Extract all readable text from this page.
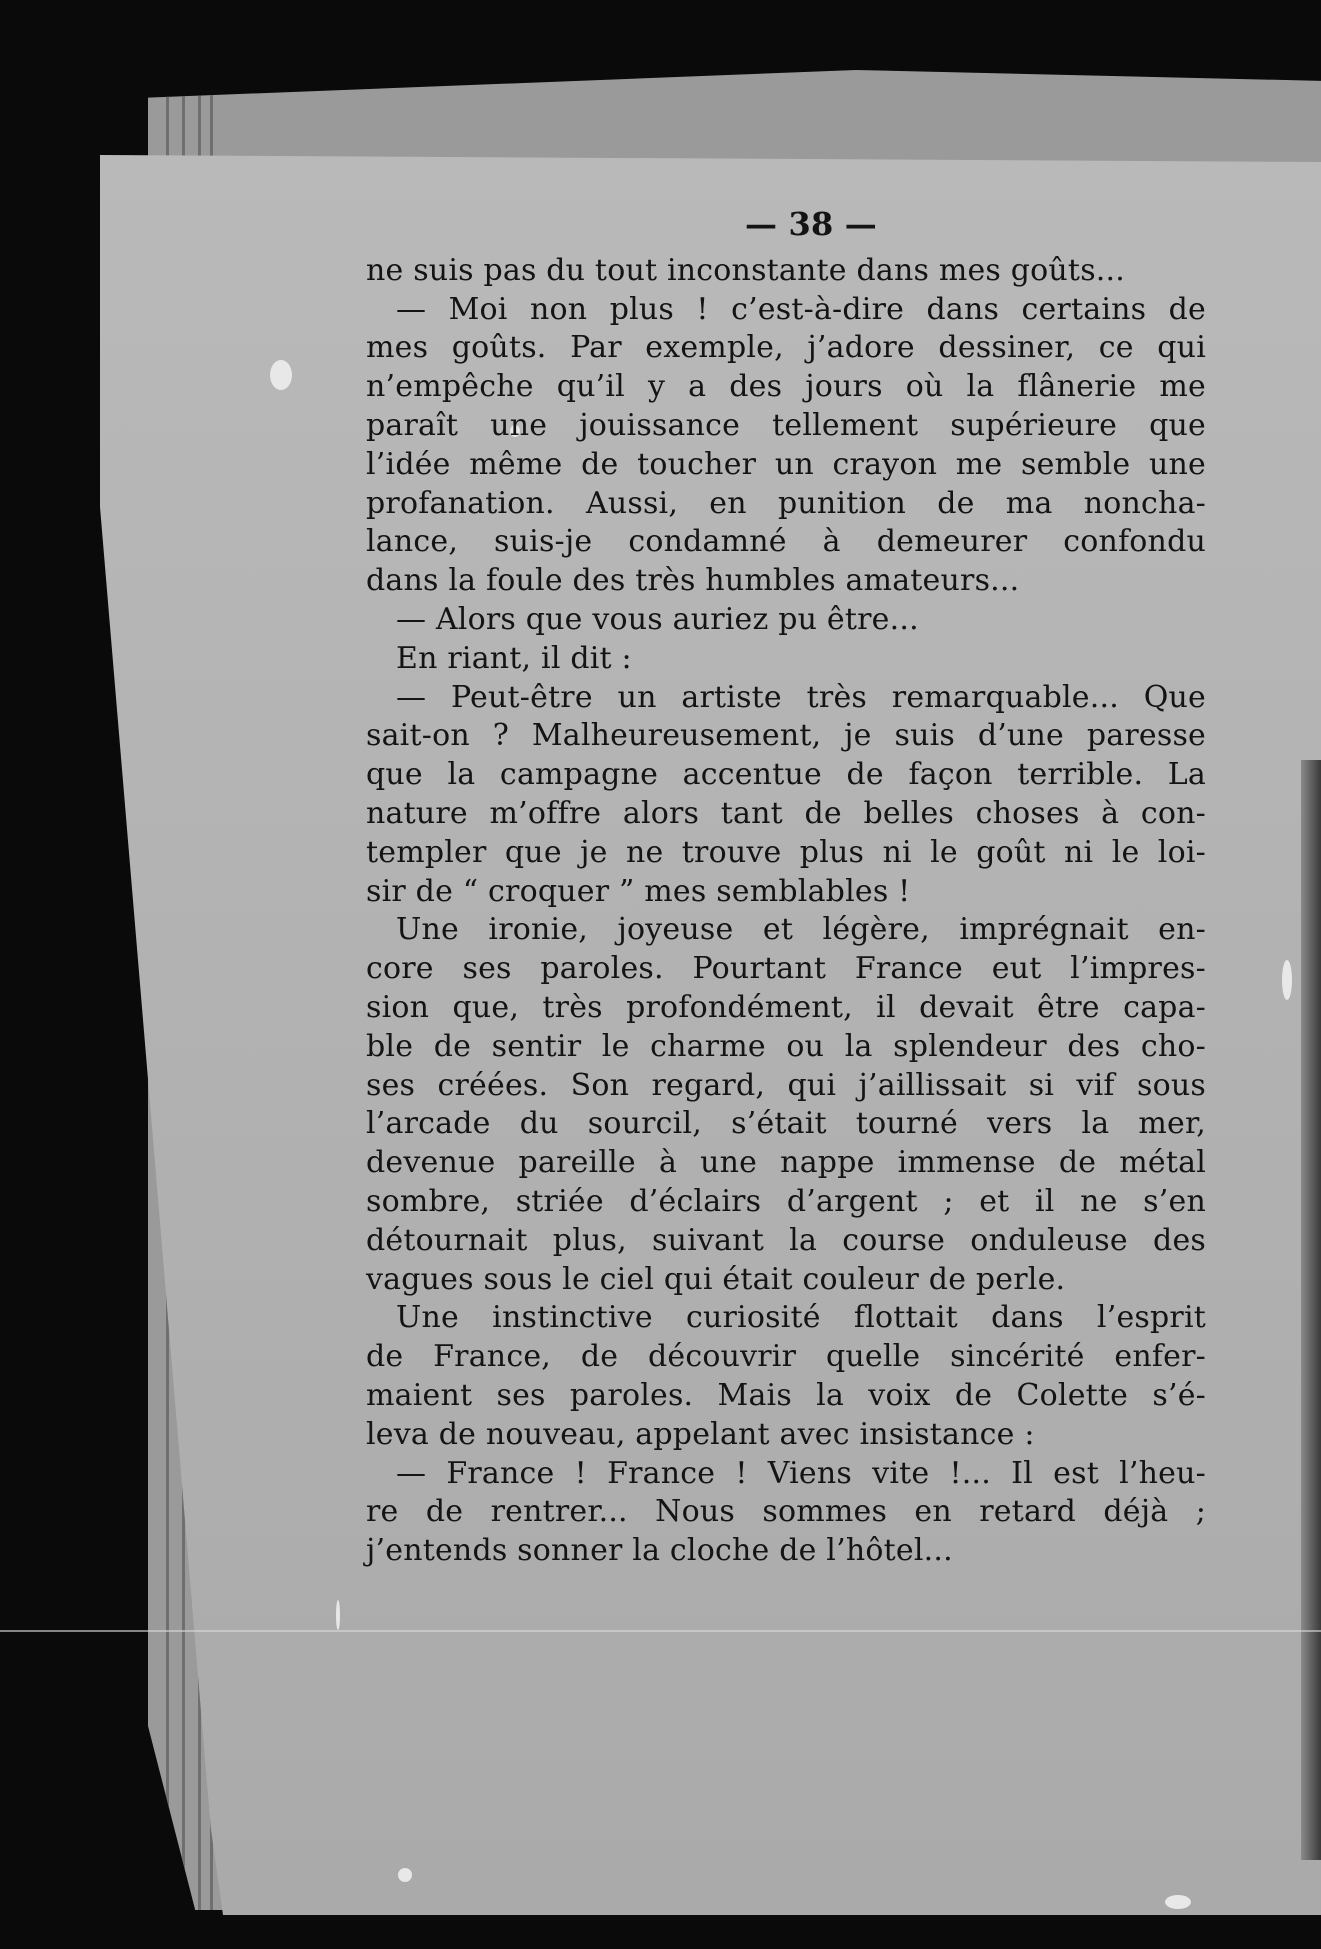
— 38 —
ne suis pas du tout inconstante dans mes goûts...
— Moi non plus ! c’est-à-dire dans certains de
mes goûts. Par exemple, j’adore dessiner, ce qui
n’empêche qu’il y a des jours où la flânerie me
paraît une jouissance tellement supérieure que
l’idée même de toucher un crayon me semble une
profanation. Aussi, en punition de ma noncha-
lance, suis-je condamné à demeurer confondu
dans la foule des très humbles amateurs...
— Alors que vous auriez pu être...
En riant, il dit :
— Peut-être un artiste très remarquable... Que
sait-on ? Malheureusement, je suis d’une paresse
que la campagne accentue de façon terrible. La
nature m’offre alors tant de belles choses à con-
templer que je ne trouve plus ni le goût ni le loi-
sir de “ croquer ” mes semblables !
Une ironie, joyeuse et légère, imprégnait en-
core ses paroles. Pourtant France eut l’impres-
sion que, très profondément, il devait être capa-
ble de sentir le charme ou la splendeur des cho-
ses créées. Son regard, qui j’aillissait si vif sous
l’arcade du sourcil, s’était tourné vers la mer,
devenue pareille à une nappe immense de métal
sombre, striée d’éclairs d’argent ; et il ne s’en
détournait plus, suivant la course onduleuse des
vagues sous le ciel qui était couleur de perle.
Une instinctive curiosité flottait dans l’esprit
de France, de découvrir quelle sincérité enfer-
maient ses paroles. Mais la voix de Colette s’é-
leva de nouveau, appelant avec insistance :
— France ! France ! Viens vite !... Il est l’heu-
re de rentrer... Nous sommes en retard déjà ;
j’entends sonner la cloche de l’hôtel...
